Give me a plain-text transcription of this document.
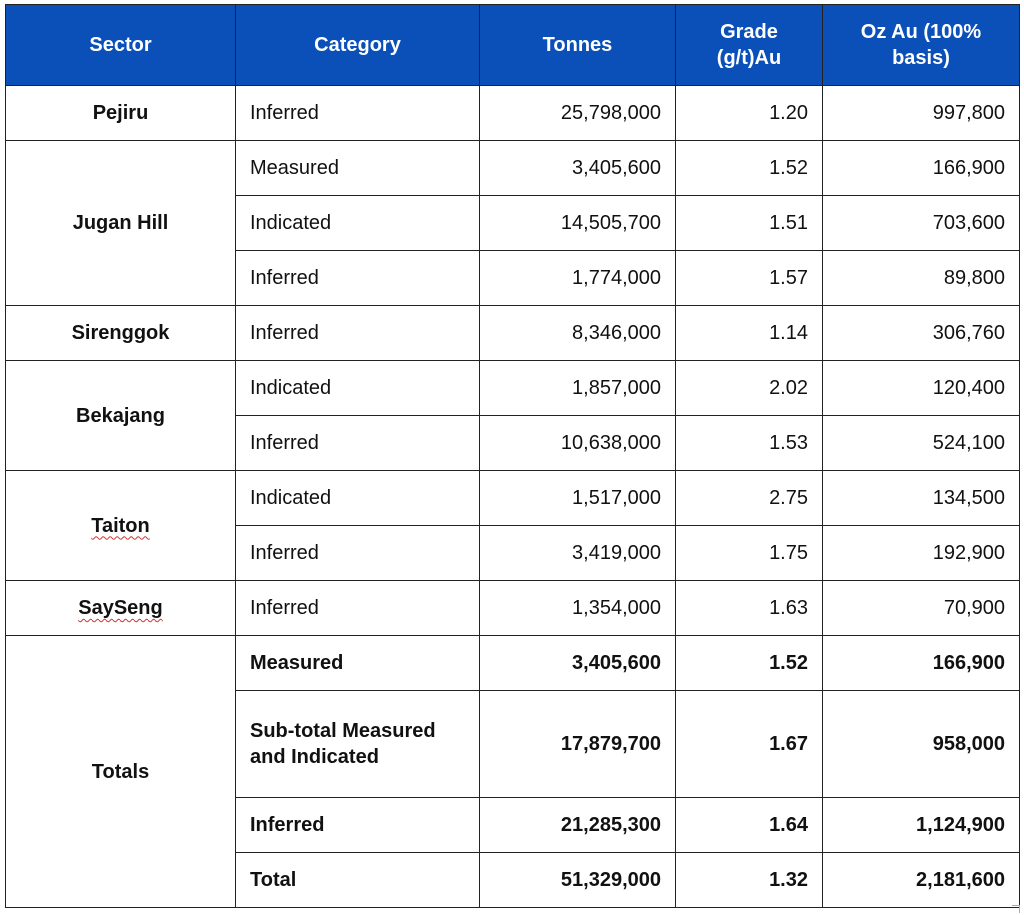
Sector	Category	Tonnes	Grade (g/t)Au	Oz Au (100% basis)
Pejiru	Inferred	25,798,000	1.20	997,800
Jugan Hill	Measured	3,405,600	1.52	166,900
	Indicated	14,505,700	1.51	703,600
	Inferred	1,774,000	1.57	89,800
Sirenggok	Inferred	8,346,000	1.14	306,760
Bekajang	Indicated	1,857,000	2.02	120,400
	Inferred	10,638,000	1.53	524,100
Taiton	Indicated	1,517,000	2.75	134,500
	Inferred	3,419,000	1.75	192,900
SaySeng	Inferred	1,354,000	1.63	70,900
Totals	Measured	3,405,600	1.52	166,900
	Sub-total Measured and Indicated	17,879,700	1.67	958,000
	Inferred	21,285,300	1.64	1,124,900
	Total	51,329,000	1.32	2,181,600
